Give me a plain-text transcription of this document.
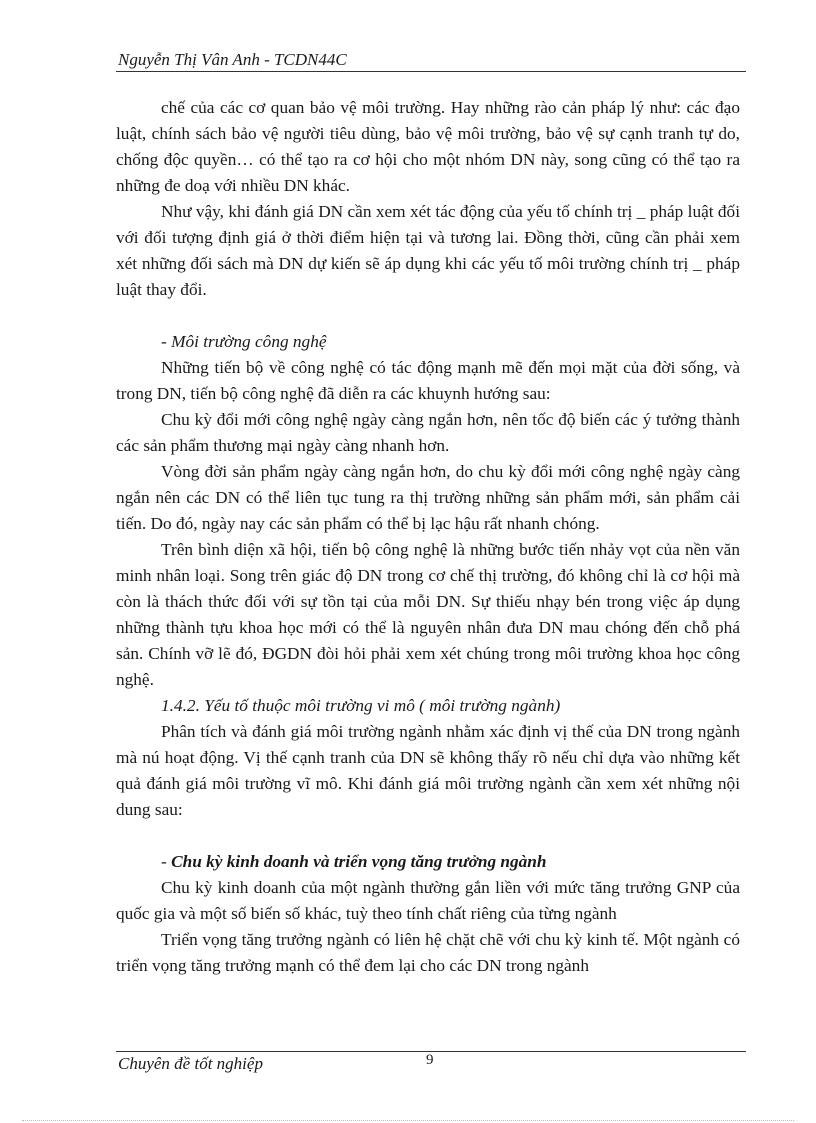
Nguyễn Thị Vân Anh - TCDN44C
chế của các cơ quan bảo vệ môi trường. Hay những rào cản pháp lý như: các đạo luật, chính sách bảo vệ người tiêu dùng, bảo vệ môi trường, bảo vệ sự cạnh tranh tự do, chống độc quyền… có thể tạo ra cơ hội cho một nhóm DN này, song cũng có thể tạo ra những đe doạ với nhiều DN khác.
Như vậy, khi đánh giá DN cần xem xét tác động của yếu tố chính trị _ pháp luật đối với đối tượng định giá ở thời điểm hiện tại và tương lai. Đồng thời, cũng cần phải xem xét những đối sách mà DN dự kiến sẽ áp dụng khi các yếu tố môi trường chính trị _ pháp luật thay đổi.
- Môi trường công nghệ
Những tiến bộ về công nghệ có tác động mạnh mẽ đến mọi mặt của đời sống, và trong DN, tiến bộ công nghệ đã diễn ra các khuynh hướng sau:
Chu kỳ đổi mới công nghệ ngày càng ngắn hơn, nên tốc độ biến các ý tưởng thành các sản phẩm thương mại ngày càng nhanh hơn.
Vòng đời sản phẩm ngày càng ngắn hơn, do chu kỳ đổi mới công nghệ ngày càng ngắn nên các DN có thể liên tục tung ra thị trường những sản phẩm mới, sản phẩm cải tiến. Do đó, ngày nay các sản phẩm có thể bị lạc hậu rất nhanh chóng.
Trên bình diện xã hội, tiến bộ công nghệ là những bước tiến nhảy vọt của nền văn minh nhân loại. Song trên giác độ DN trong cơ chế thị trường, đó không chỉ là cơ hội mà còn là thách thức đối với sự tồn tại của mỗi DN. Sự thiếu nhạy bén trong việc áp dụng những thành tựu khoa học mới có thể là nguyên nhân đưa DN mau chóng đến chỗ phá sản. Chính vỡ lẽ đó, ĐGDN đòi hỏi phải xem xét chúng trong môi trường khoa học công nghệ.
1.4.2. Yếu tố thuộc môi trường vi mô ( môi trường ngành)
Phân tích và đánh giá môi trường ngành nhằm xác định vị thế của DN trong ngành mà nú hoạt động. Vị thế cạnh tranh của DN sẽ không thấy rõ nếu chỉ dựa vào những kết quả đánh giá môi trường vĩ mô. Khi đánh giá môi trường ngành cần xem xét những nội dung sau:
- Chu kỳ kinh doanh và triển vọng tăng trưởng ngành
Chu kỳ kinh doanh của một ngành thường gắn liền với mức tăng trưởng GNP của quốc gia và một số biến số khác, tuỳ theo tính chất riêng của từng ngành
Triển vọng tăng trưởng ngành có liên hệ chặt chẽ với chu kỳ kinh tế. Một ngành có triển vọng tăng trưởng mạnh có thể đem lại cho các DN trong ngành
Chuyên đề tốt nghiệp	9
